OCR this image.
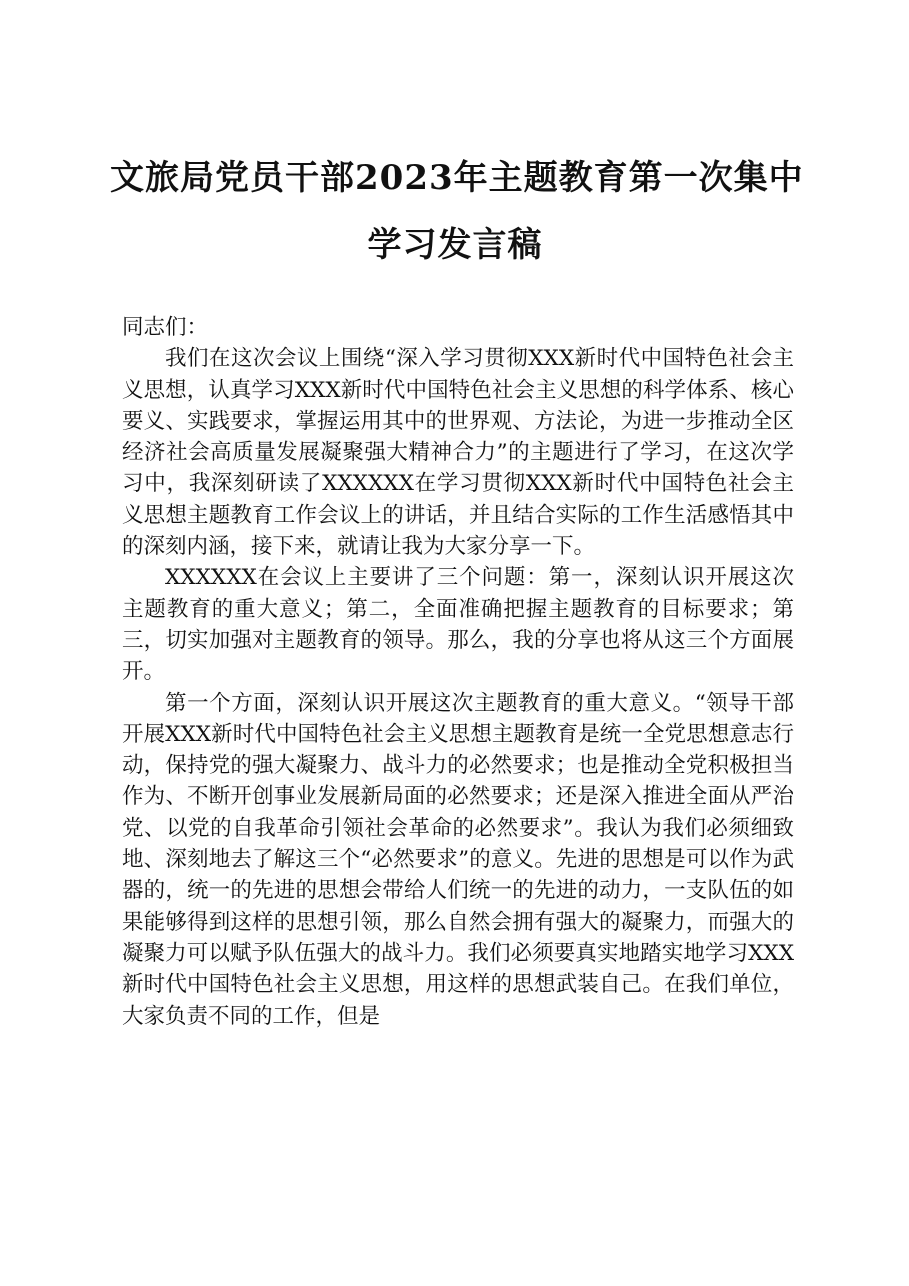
文旅局党员干部2023年主题教育第一次集中
学习发言稿

同志们：

我们在这次会议上围绕“深入学习贯彻XXX新时代中国特色社会主义思想，认真学习XXX新时代中国特色社会主义思想的科学体系、核心要义、实践要求，掌握运用其中的世界观、方法论，为进一步推动全区经济社会高质量发展凝聚强大精神合力”的主题进行了学习，在这次学习中，我深刻研读了XXXXXX在学习贯彻XXX新时代中国特色社会主义思想主题教育工作会议上的讲话，并且结合实际的工作生活感悟其中的深刻内涵，接下来，就请让我为大家分享一下。

XXXXXX在会议上主要讲了三个问题：第一，深刻认识开展这次主题教育的重大意义；第二，全面准确把握主题教育的目标要求；第三，切实加强对主题教育的领导。那么，我的分享也将从这三个方面展开。

第一个方面，深刻认识开展这次主题教育的重大意义。“领导干部开展XXX新时代中国特色社会主义思想主题教育是统一全党思想意志行动，保持党的强大凝聚力、战斗力的必然要求；也是推动全党积极担当作为、不断开创事业发展新局面的必然要求；还是深入推进全面从严治党、以党的自我革命引领社会革命的必然要求”。我认为我们必须细致地、深刻地去了解这三个“必然要求”的意义。先进的思想是可以作为武器的，统一的先进的思想会带给人们统一的先进的动力，一支队伍的如果能够得到这样的思想引领，那么自然会拥有强大的凝聚力，而强大的凝聚力可以赋予队伍强大的战斗力。我们必须要真实地踏实地学习XXX新时代中国特色社会主义思想，用这样的思想武装自己。在我们单位，大家负责不同的工作，但是
